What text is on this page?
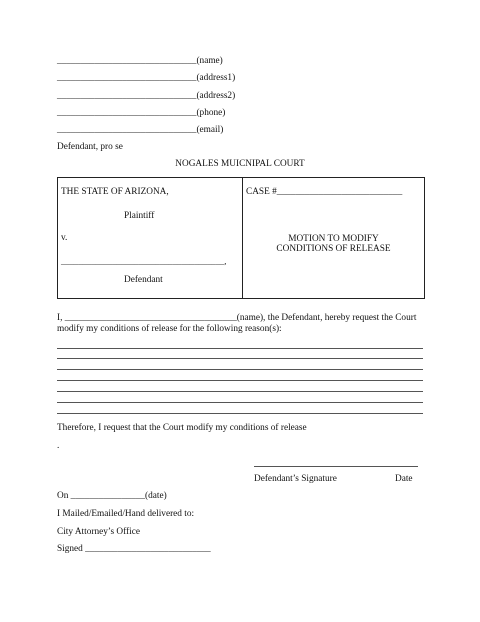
______________________________(name)
______________________________(address1)
______________________________(address2)
______________________________(phone)
______________________________(email)
Defendant, pro se
NOGALES MUICNIPAL COURT
THE STATE OF ARIZONA,
Plaintiff
v.
______________________________________,
Defendant
CASE #___________________________
MOTION TO MODIFY
CONDITIONS OF RELEASE
I, _____________________________________(name), the Defendant, hereby request the Court
modify my conditions of release for the following reason(s):
Therefore, I request that the Court modify my conditions of release
.
Defendant’s Signature	Date
On ________________(date)
I Mailed/Emailed/Hand delivered to:
City Attorney’s Office
Signed ___________________________
